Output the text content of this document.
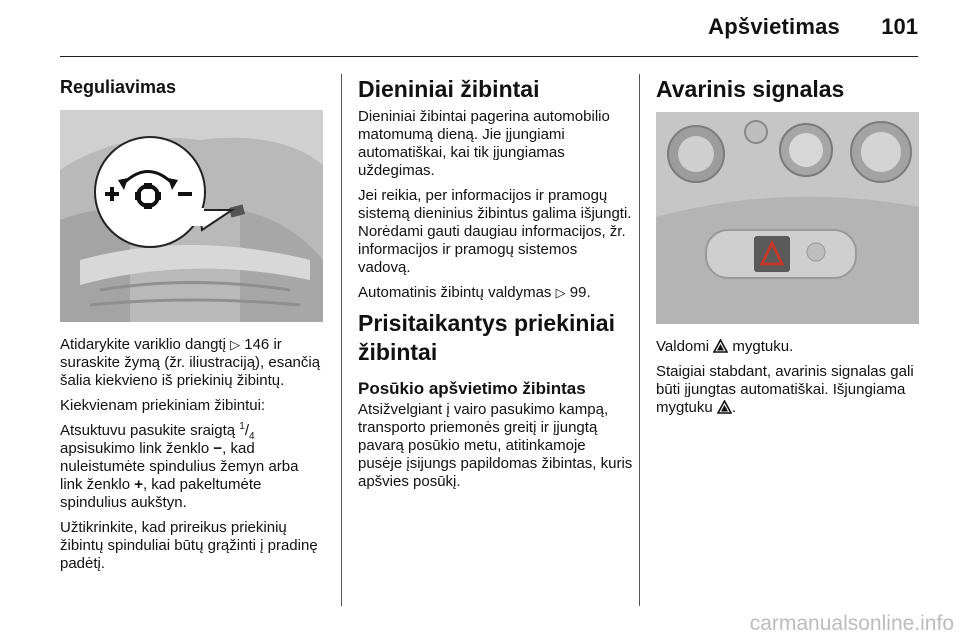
Apšvietimas	101
Reguliavimas

Atidarykite variklio dangtį ▷ 146 ir suraskite žymą (žr. iliustraciją), esančią šalia kiekvieno iš priekinių žibintų.

Kiekvienam priekiniam žibintui:

Atsuktuvu pasukite sraigtą $^1/_4$ apsisukimo link ženklo −, kad nuleistumėte spindulius žemyn arba link ženklo +, kad pakeltumėte spindulius aukštyn.

Užtikrinkite, kad prireikus priekinių žibintų spinduliai būtų grąžinti į pradinę padėtį.

Dieniniai žibintai

Dieniniai žibintai pagerina automobilio matomumą dieną. Jie įjungiami automatiškai, kai tik įjungiamas uždegimas.

Jei reikia, per informacijos ir pramogų sistemą dieninius žibintus galima išjungti. Norėdami gauti daugiau informacijos, žr. informacijos ir pramogų sistemos vadovą.

Automatinis žibintų valdymas ▷ 99.

Prisitaikantys priekiniai žibintai
Posūkio apšvietimo žibintas

Atsižvelgiant į vairo pasukimo kampą, transporto priemonės greitį ir įjungtą pavarą posūkio metu, atitinkamoje pusėje įsijungs papildomas žibintas, kuris apšvies posūkį.

Avarinis signalas

Valdomi  mygtuku.

Staigiai stabdant, avarinis signalas gali būti įjungtas automatiškai. Išjungiama mygtuku .

carmanualsonline.info
